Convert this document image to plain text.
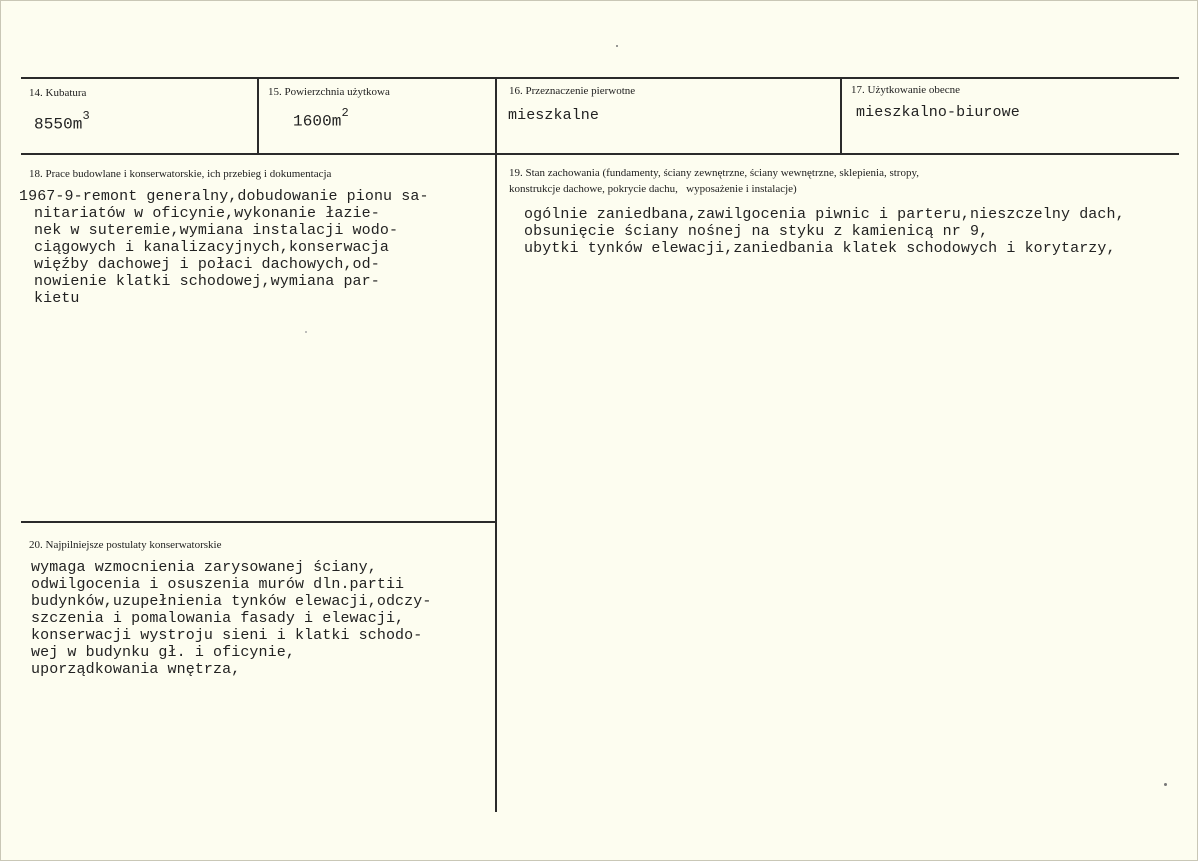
14. Kubatura
$8550m^3$
15. Powierzchnia użytkowa
$1600m^2$
16. Przeznaczenie pierwotne
mieszkalne
17. Użytkowanie obecne
mieszkalno-biurowe
18. Prace budowlane i konserwatorskie, ich przebieg i dokumentacja
1967-9-remont generalny,dobudowanie pionu sa-
nitariatów w oficynie,wykonanie łazie-
nek w suteremie,wymiana instalacji wodo-
ciągowych i kanalizacyjnych,konserwacja
więźby dachowej i połaci dachowych,od-
nowienie klatki schodowej,wymiana par-
kietu
19. Stan zachowania (fundamenty, ściany zewnętrzne, ściany wewnętrzne, sklepienia, stropy,
konstrukcje dachowe, pokrycie dachu,   wyposażenie i instalacje)
ogólnie zaniedbana,zawilgocenia piwnic i parteru,nieszczelny dach,
obsunięcie ściany nośnej na styku z kamienicą nr 9,
ubytki tynków elewacji,zaniedbania klatek schodowych i korytarzy,
20. Najpilniejsze postulaty konserwatorskie
wymaga wzmocnienia zarysowanej ściany,
odwilgocenia i osuszenia murów dln.partii
budynków,uzupełnienia tynków elewacji,odczy-
szczenia i pomalowania fasady i elewacji,
konserwacji wystroju sieni i klatki schodo-
wej w budynku gł. i oficynie,
uporządkowania wnętrza,
